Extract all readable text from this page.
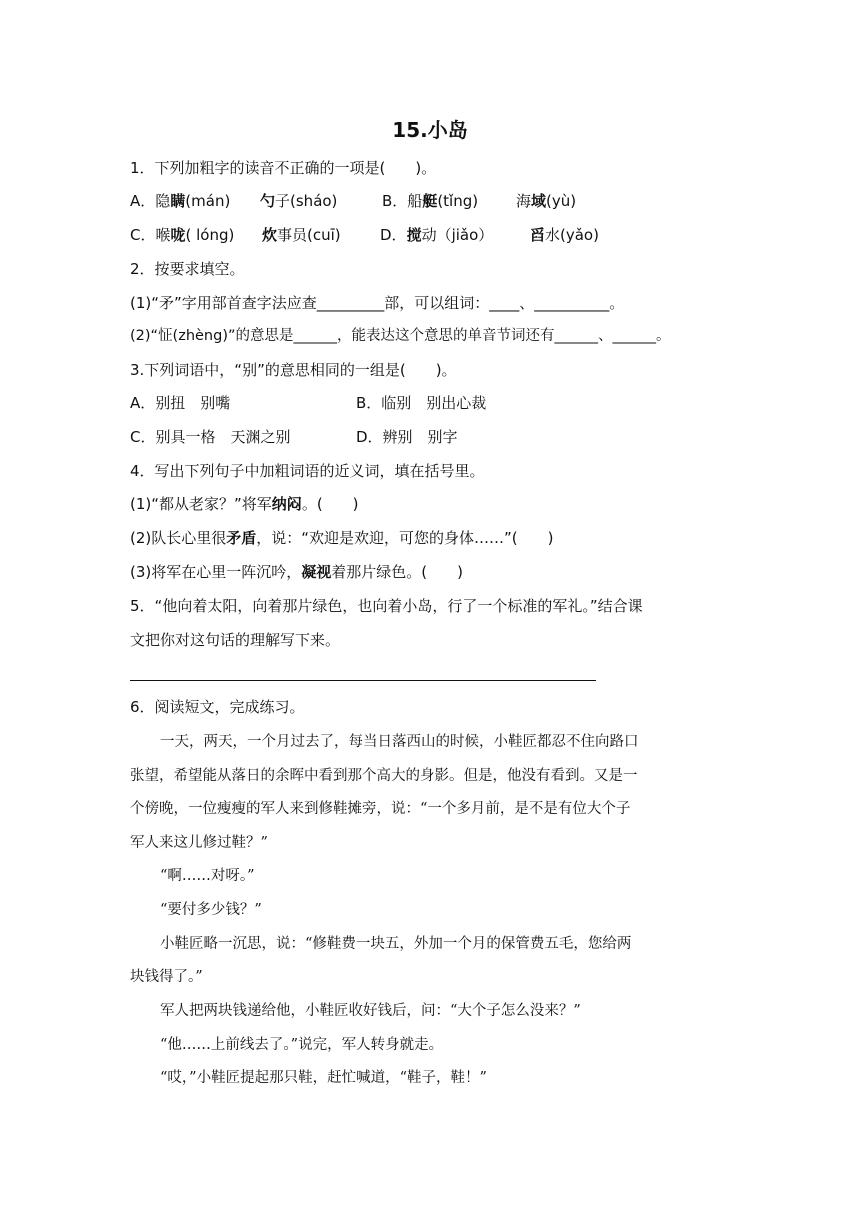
15.小岛
1．下列加粗字的读音不正确的一项是(　　)。
A．隐瞒(mán) 勺子(sháo)	B．船艇(tǐng)	海域(yù)
C．喉咙( lóng) 炊事员(cuī)	D．搅动（jiǎo） 舀水(yǎo)
2．按要求填空。
(1)“矛”字用部首查字法应查_________部，可以组词：____、__________。
(2)“怔(zhèng)”的意思是______，能表达这个意思的单音节词还有______、______。
3.下列词语中，“别”的意思相同的一组是(　　)。
A．别扭　别嘴	B．临别　别出心裁
C．别具一格　天渊之别	D．辨别　别字
4．写出下列句子中加粗词语的近义词，填在括号里。
(1)“都从老家？”将军纳闷。(　　)
(2)队长心里很矛盾，说：“欢迎是欢迎，可您的身体……”(　　)
(3)将军在心里一阵沉吟，凝视着那片绿色。(　　)
5．“他向着太阳，向着那片绿色，也向着小岛，行了一个标准的军礼。”结合课
文把你对这句话的理解写下来。
6．阅读短文，完成练习。
一天，两天，一个月过去了，每当日落西山的时候，小鞋匠都忍不住向路口
张望，希望能从落日的余晖中看到那个高大的身影。但是，他没有看到。又是一
个傍晚，一位瘦瘦的军人来到修鞋摊旁，说：“一个多月前，是不是有位大个子
军人来这儿修过鞋？”
“啊……对呀。”
“要付多少钱？”
小鞋匠略一沉思，说：“修鞋费一块五，外加一个月的保管费五毛，您给两
块钱得了。”
军人把两块钱递给他，小鞋匠收好钱后，问：“大个子怎么没来？”
“他……上前线去了。”说完，军人转身就走。
“哎，”小鞋匠提起那只鞋，赶忙喊道，“鞋子，鞋！”
